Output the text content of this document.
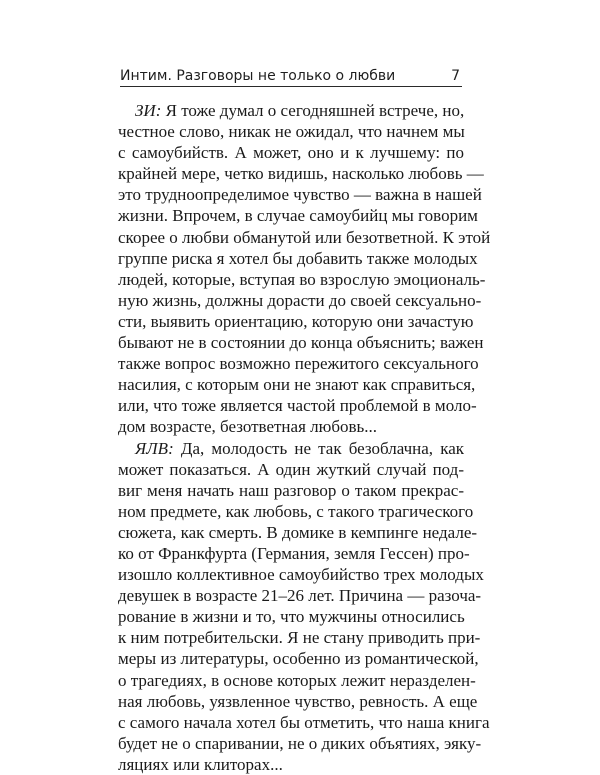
Интим. Разговоры не только о любви	7
ЗИ: Я тоже думал о сегодняшней встрече, но,
честное слово, никак не ожидал, что начнем мы
с самоубийств. А может, оно и к лучшему: по
крайней мере, четко видишь, насколько любовь —
это трудноопределимое чувство — важна в нашей
жизни. Впрочем, в случае самоубийц мы говорим
скорее о любви обманутой или безответной. К этой
группе риска я хотел бы добавить также молодых
людей, которые, вступая во взрослую эмоциональ-
ную жизнь, должны дорасти до своей сексуально-
сти, выявить ориентацию, которую они зачастую
бывают не в состоянии до конца объяснить; важен
также вопрос возможно пережитого сексуального
насилия, с которым они не знают как справиться,
или, что тоже является частой проблемой в моло-
дом возрасте, безответная любовь...
ЯЛВ: Да, молодость не так безоблачна, как
может показаться. А один жуткий случай под-
виг меня начать наш разговор о таком прекрас-
ном предмете, как любовь, с такого трагического
сюжета, как смерть. В домике в кемпинге недале-
ко от Франкфурта (Германия, земля Гессен) про-
изошло коллективное самоубийство трех молодых
девушек в возрасте 21–26 лет. Причина — разоча-
рование в жизни и то, что мужчины относились
к ним потребительски. Я не стану приводить при-
меры из литературы, особенно из романтической,
о трагедиях, в основе которых лежит неразделен-
ная любовь, уязвленное чувство, ревность. А еще
с самого начала хотел бы отметить, что наша книга
будет не о спаривании, не о диких объятиях, эяку-
ляциях или клиторах...
